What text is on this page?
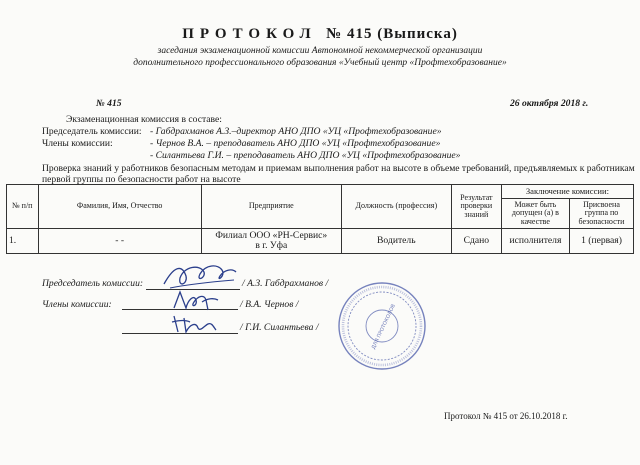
ПРОТОКОЛ № 415 (Выписка)
заседания экзаменационной комиссии Автономной некоммерческой организации
дополнительного профессионального образования «Учебный центр «Профтехобразование»
№ 415	26 октября 2018 г.
Экзаменационная комиссия в составе:
Председатель комиссии: - Габдрахманов А.З.–директор АНО ДПО «УЦ «Профтехобразование»
Члены комиссии:	- Чернов В.А. – преподаватель АНО ДПО «УЦ «Профтехобразование»
- Силантьева Г.И. – преподаватель АНО ДПО «УЦ «Профтехобразование»
Проверка знаний у работников безопасным методам и приемам выполнения работ на высоте в объеме требований, предъявляемых к работникам
первой группы по безопасности работ на высоте
№ п/п	Фамилия, Имя, Отчество	Предприятие	Должность (профессия)	Результат проверки знаний	Заключение комиссии:	
					Может быть допущен (а) в качестве	Присвоена группа по безопасности
1.	- -	Филиал ООО «РН-Сервис»
в г. Уфа	Водитель	Сдано	исполнителя	1 (первая)
Председатель комиссии:	/ А.З. Габдрахманов /
Члены комиссии:	/ В.А. Чернов /
/ Г.И. Силантьева /	ДЛЯ ПРОТОКОЛОВ
Протокол № 415 от 26.10.2018 г.
